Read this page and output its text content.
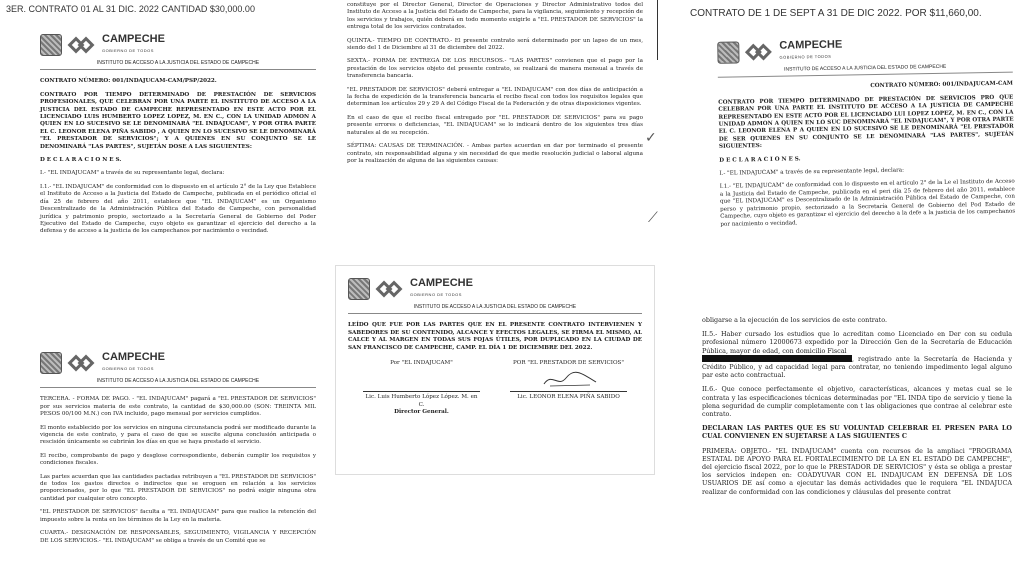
3ER. CONTRATO 01 AL 31 DIC. 2022 CANTIDAD $30,000.00	CONTRATO DE 1 DE SEPT A 31 DE DIC 2022. POR $11,660,00.
CAMPECHE
GOBIERNO DE TODOS
INSTITUTO DE ACCESO A LA JUSTICIA DEL ESTADO DE CAMPECHE

CONTRATO NÚMERO: 001/INDAJUCAM-CAM/PSP/2022.

CONTRATO POR TIEMPO DETERMINADO DE PRESTACIÓN DE SERVICIOS PROFESIONALES, QUE CELEBRAN POR UNA PARTE EL INSTITUTO DE ACCESO A LA JUSTICIA DEL ESTADO DE CAMPECHE REPRESENTADO EN ESTE ACTO POR EL LICENCIADO LUIS HUMBERTO LOPEZ LOPEZ, M. EN C., CON LA UNIDAD ADMON A QUIEN EN LO SUCESIVO SE LE DENOMINARÁ "EL INDAJUCAM", Y POR OTRA PARTE EL C. LEONOR ELENA PIÑA SABIDO , A QUIEN EN LO SUCESIVO SE LE DENOMINARÁ "EL PRESTADOR DE SERVICIOS"; Y A QUIENES EN SU CONJUNTO SE LE DENOMINARÁ "LAS PARTES", SUJETÁN DOSE A LAS SIGUIENTES:

D E C L A R A C I O N E S.

I.- "EL INDAJUCAM" a través de su representante legal, declara:

I.1.- "EL INDAJUCAM" de conformidad con lo dispuesto en el artículo 2° de la Ley que Establece el Instituto de Acceso a la Justicia del Estado de Campeche, publicada en el periódico oficial el día 25 de febrero del año 2011, establece que "EL INDAJUCAM" es un Organismo Descentralizado de la Administración Pública del Estado de Campeche, con personalidad jurídica y patrimonio propio, sectorizado a la Secretaría General de Gobierno del Poder Ejecutivo del Estado de Campeche, cuyo objeto es garantizar el ejercicio del derecho a la defensa y de acceso a la justicia de los campechanos por nacimiento o vecindad.

constituye por el Director General, Director de Operaciones y Director Administrativo todos del Instituto de Acceso a la Justicia del Estado de Campeche, para la vigilancia, seguimiento y recepción de los servicios y trabajos, quién deberá en todo momento exigirle a "EL PRESTADOR DE SERVICIOS" la entrega total de los servicios contratados.

QUINTA.- TIEMPO DE CONTRATO.- El presente contrato será determinado por un lapso de un mes, siendo del 1 de Diciembre al 31 de diciembre del 2022.

SEXTA.- FORMA DE ENTREGA DE LOS RECURSOS.- "LAS PARTES" convienen que el pago por la prestación de los servicios objeto del presente contrato, se realizará de manera mensual a través de transferencia bancaria.

"EL PRESTADOR DE SERVICIOS" deberá entregar a "EL INDAJUCAM" con dos días de anticipación a la fecha de expedición de la transferencia bancaria el recibo fiscal con todos los requisitos legales que determinan los artículos 29 y 29 A del Código Fiscal de la Federación y de otras disposiciones vigentes.

En el caso de que el recibo fiscal entregado por "EL PRESTADOR DE SERVICIOS" para su pago presente errores o deficiencias, "EL INDAJUCAM" se lo indicará dentro de los siguientes tres días naturales al de su recepción.

SÉPTIMA: CAUSAS DE TERMINACIÓN. - Ambas partes acuerdan en dar por terminado el presente contrato, sin responsabilidad alguna y sin necesidad de que medie resolución judicial o laboral alguna por la realización de alguna de las siguientes causas:

✓
⟋
CAMPECHE
GOBIERNO DE TODOS
INSTITUTO DE ACCESO A LA JUSTICIA DEL ESTADO DE CAMPECHE

TERCERA. - FORMA DE PAGO. - "EL INDAJUCAM" pagará a "EL PRESTADOR DE SERVICIOS" por sus servicios materia de este contrato, la cantidad de $30,000.00 (SON: TREINTA MIL PESOS 00/100 M.N.) con IVA incluido, pago mensual por servicios cumplidos.

El monto establecido por los servicios en ninguna circunstancia podrá ser modificado durante la vigencia de este contrato, y para el caso de que se suscite alguna conclusión anticipada o rescisión únicamente se cubrirán los días en que se haya prestado el servicio.

El recibo, comprobante de pago y desglose correspondiente, deberán cumplir los requisitos y condiciones fiscales.

Las partes acuerdan que las cantidades pactadas retribuyen a "EL PRESTADOR DE SERVICIOS" de todos los gastos directos o indirectos que se eroguen en relación a los servicios proporcionados, por lo que "EL PRESTADOR DE SERVICIOS" no podrá exigir ninguna otra cantidad por cualquier otro concepto.

"EL PRESTADOR DE SERVICIOS" faculta a "EL INDAJUCAM" para que realice la retención del impuesto sobre la renta en los términos de la Ley en la materia.

CUARTA.- DESIGNACIÓN DE RESPONSABLES, SEGUIMIENTO, VIGILANCIA Y RECEPCIÓN DE LOS SERVICIOS.- "EL INDAJUCAM" se obliga a través de un Comité que se

CAMPECHE
GOBIERNO DE TODOS
INSTITUTO DE ACCESO A LA JUSTICIA DEL ESTADO DE CAMPECHE

LEÍDO QUE FUE POR LAS PARTES QUE EN EL PRESENTE CONTRATO INTERVIENEN Y SABEDORES DE SU CONTENIDO, ALCANCE Y EFECTOS LEGALES, SE FIRMA EL MISMO, AL CALCE Y AL MARGEN EN TODAS SUS FOJAS ÚTILES, POR DUPLICADO EN LA CIUDAD DE SAN FRANCISCO DE CAMPECHE, CAMP. EL DÍA 1 DE DICIEMBRE DEL 2022.

Por "EL INDAJUCAM"	POR "EL PRESTADOR DE SERVICIOS"
Lic. Luis Humberto López López. M. en C.
Director General.
Lic. LEONOR ELENA PIÑA SABIDO
CAMPECHE
GOBIERNO DE TODOS
INSTITUTO DE ACCESO A LA JUSTICIA DEL ESTADO DE CAMPECHE

CONTRATO NÚMERO: 001/INDAJUCAM-CAM

CONTRATO POR TIEMPO DETERMINADO DE PRESTACIÓN DE SERVICIOS PRO QUE CELEBRAN POR UNA PARTE EL INSTITUTO DE ACCESO A LA JUSTICIA DE CAMPECHE REPRESENTADO EN ESTE ACTO POR EL LICENCIADO LUI LOPEZ LOPEZ, M. EN C., CON LA UNIDAD ADMON A QUIEN EN LO SUC DENOMINARÁ "EL INDAJUCAM", Y POR OTRA PARTE EL C. LEONOR ELENA P A QUIEN EN LO SUCESIVO SE LE DENOMINARÁ "EL PRESTADOR DE SER QUIENES EN SU CONJUNTO SE LE DENOMINARÁ "LAS PARTES", SUJETÁN SIGUIENTES:

D E C L A R A C I O N E S.

I.- "EL INDAJUCAM" a través de su representante legal, declara:

I.1.- "EL INDAJUCAM" de conformidad con lo dispuesto en el artículo 2° de la Le el Instituto de Acceso a la Justicia del Estado de Campeche, publicada en el peri día 25 de febrero del año 2011, establece que "EL INDAJUCAM" es Descentralizado de la Administración Pública del Estado de Campeche, con perso y patrimonio propio, sectorizado a la Secretaría General de Gobierno del Pod Estado de Campeche, cuyo objeto es garantizar el ejercicio del derecho a la defe a la justicia de los campechanos por nacimiento o vecindad.

obligarse a la ejecución de los servicios de este contrato.

II.5.- Haber cursado los estudios que lo acreditan como Licenciado en Der con su cedula profesional número 12000673 expedido por la Dirección Gen de la Secretaría de Educación Pública, mayor de edad, con domicilio Fiscal
, registrado ante la Secretaría de Hacienda y Crédito Público, y ad capacidad legal para contratar, no teniendo impedimento legal alguno par este acto contractual.

II.6.- Que conoce perfectamente el objetivo, características, alcances y metas cual se le contrata y las especificaciones técnicas determinadas por "EL INDA tipo de servicio y tiene la plena seguridad de cumplir completamente con t las obligaciones que contrae al celebrar este contrato.

DECLARAN LAS PARTES QUE ES SU VOLUNTAD CELEBRAR EL PRESEN PARA LO CUAL CONVIENEN EN SUJETARSE A LAS SIGUIENTES C

PRIMERA: OBJETO.- "EL INDAJUCAM" cuenta con recursos de la ampliaci "PROGRAMA ESTATAL DE APOYO PARA EL FORTALECIMIENTO DE LA EN EL ESTADO DE CAMPECHE", del ejercicio fiscal 2022, por lo que le PRESTADOR DE SERVICIOS" y ésta se obliga a prestar los servicios indepen en: COADYUVAR CON EL INDAJUCAM EN DEFENSA DE LOS USUARIOS DE así como a ejecutar las demás actividades que le requiera "EL INDAJUCA realizar de conformidad con las condiciones y cláusulas del presente contrat
